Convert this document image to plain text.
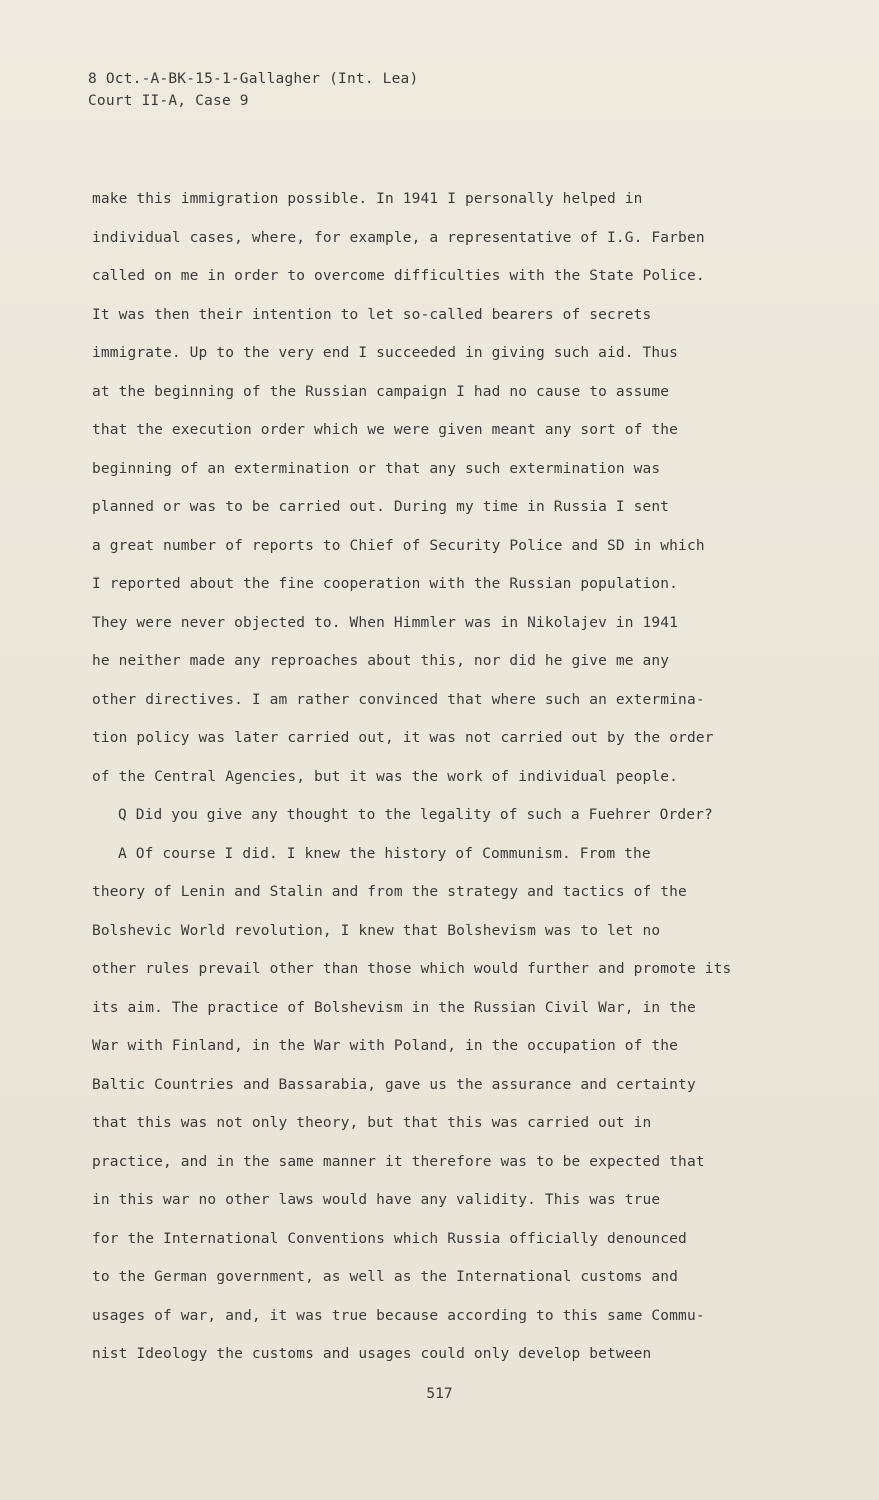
8 Oct.-A-BK-15-1-Gallagher (Int. Lea)
Court II-A, Case 9
make this immigration possible. In 1941 I personally helped in
individual cases, where, for example, a representative of I.G. Farben
called on me in order to overcome difficulties with the State Police.
It was then their intention to let so-called bearers of secrets
immigrate. Up to the very end I succeeded in giving such aid. Thus
at the beginning of the Russian campaign I had no cause to assume
that the execution order which we were given meant any sort of the
beginning of an extermination or that any such extermination was
planned or was to be carried out. During my time in Russia I sent
a great number of reports to Chief of Security Police and SD in which
I reported about the fine cooperation with the Russian population.
They were never objected to. When Himmler was in Nikolajev in 1941
he neither made any reproaches about this, nor did he give me any
other directives. I am rather convinced that where such an extermina-
tion policy was later carried out, it was not carried out by the order
of the Central Agencies, but it was the work of individual people.
Q Did you give any thought to the legality of such a Fuehrer Order?
A Of course I did. I knew the history of Communism. From the
theory of Lenin and Stalin and from the strategy and tactics of the
Bolshevic World revolution, I knew that Bolshevism was to let no
other rules prevail other than those which would further and promote its
its aim. The practice of Bolshevism in the Russian Civil War, in the
War with Finland, in the War with Poland, in the occupation of the
Baltic Countries and Bassarabia, gave us the assurance and certainty
that this was not only theory, but that this was carried out in
practice, and in the same manner it therefore was to be expected that
in this war no other laws would have any validity. This was true
for the International Conventions which Russia officially denounced
to the German government, as well as the International customs and
usages of war, and, it was true because according to this same Commu-
nist Ideology the customs and usages could only develop between
517
